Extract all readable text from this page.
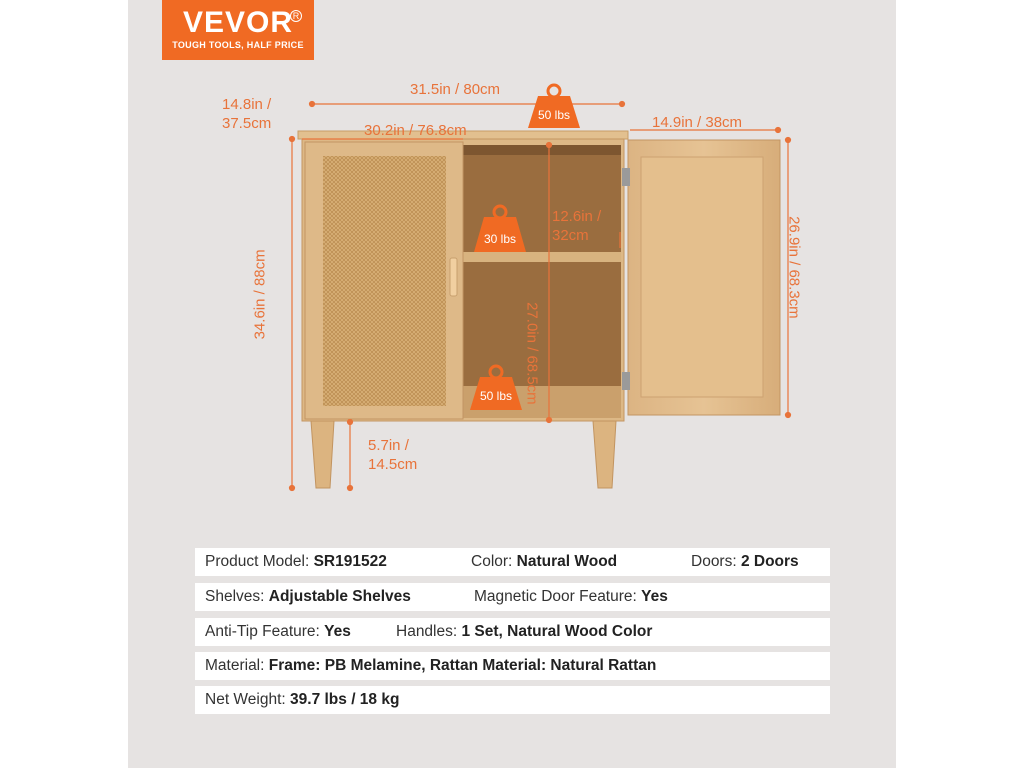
VEVOR R
TOUGH TOOLS, HALF PRICE
50 lbs
30 lbs
50 lbs
31.5in / 80cm
30.2in / 76.8cm
14.8in /
37.5cm	14.9in / 38cm
34.6in / 88cm	26.9in / 68.3cm
12.6in /
32cm
27.0in / 68.5cm
5.7in /
14.5cm
Product Model: SR191522	Color: Natural Wood	Doors: 2 Doors
Shelves: Adjustable Shelves	Magnetic Door Feature: Yes
Anti-Tip Feature: Yes	Handles: 1 Set, Natural Wood Color
Material: Frame: PB Melamine, Rattan Material: Natural Rattan
Net Weight: 39.7 lbs / 18 kg
